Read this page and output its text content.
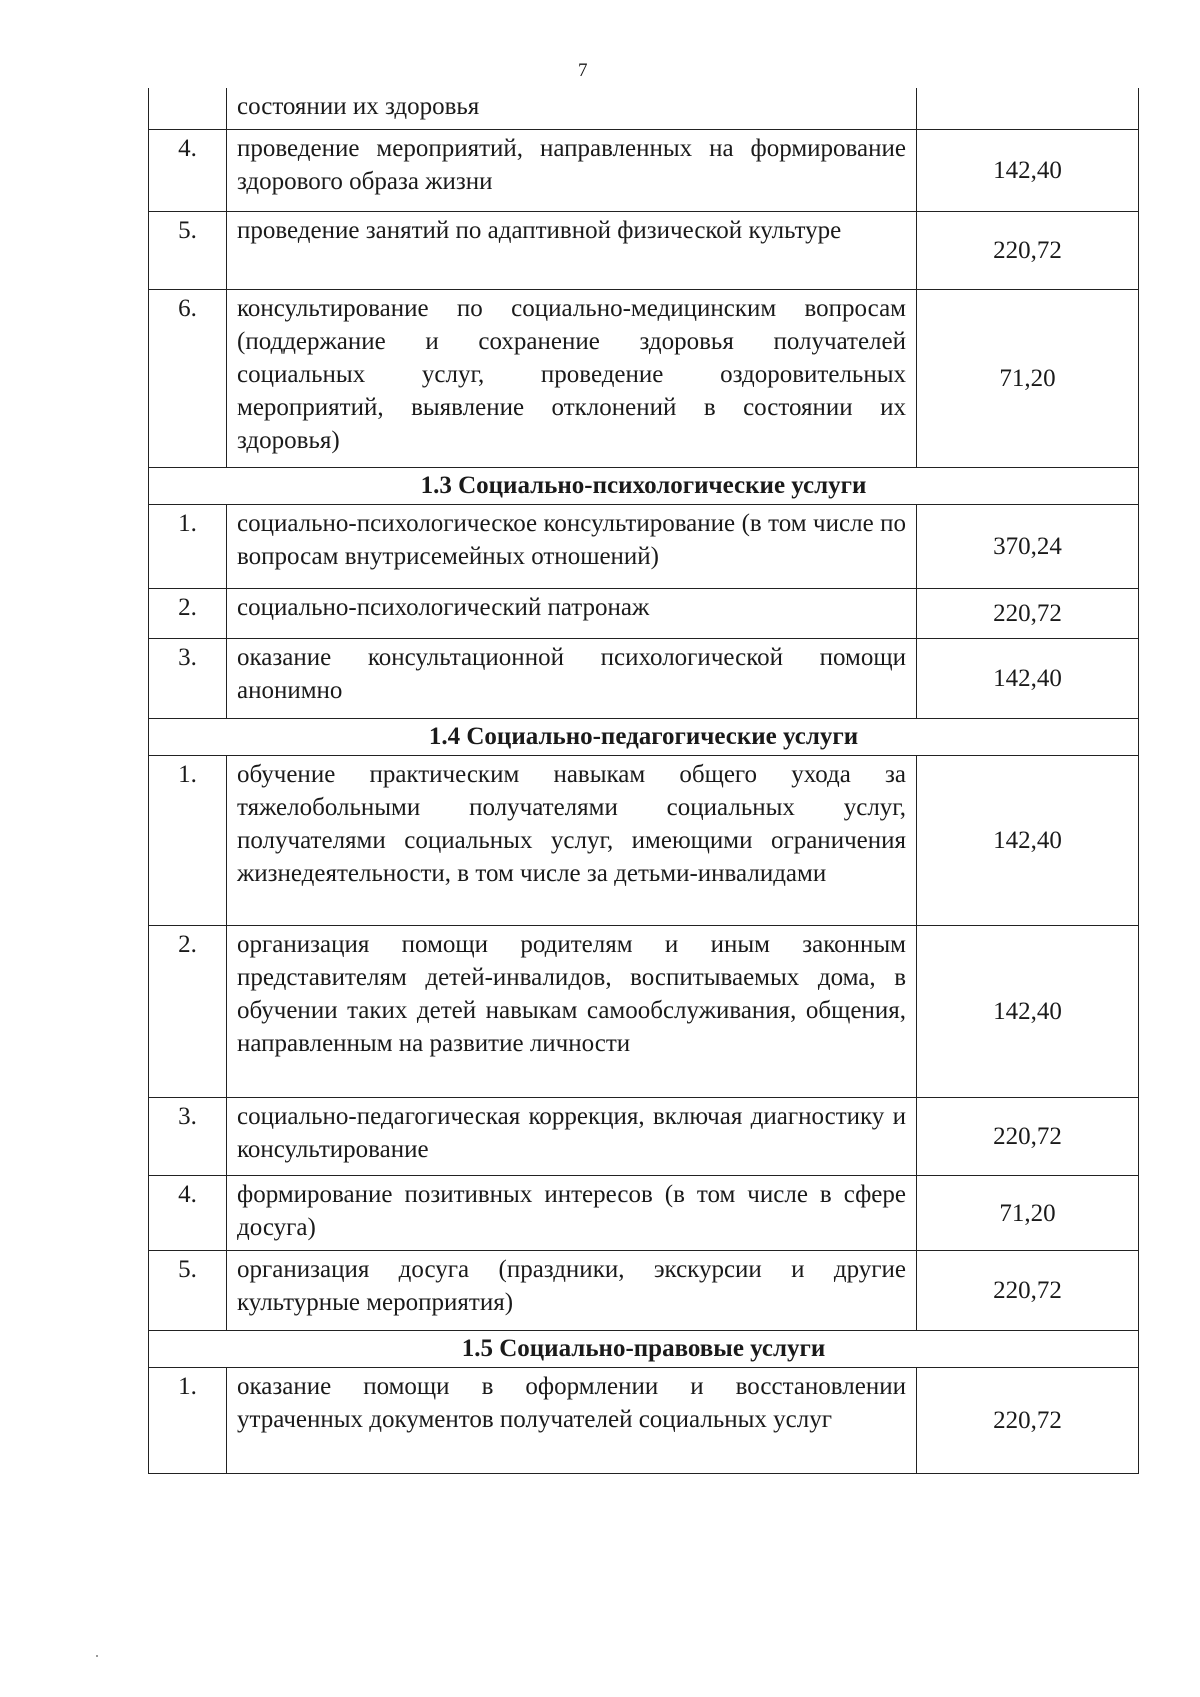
7
	состоянии их здоровья	
4.	проведение мероприятий, направленных на формирование здорового образа жизни	142,40
5.	проведение занятий по адаптивной физической культуре	220,72
6.	консультирование по социально-медицинским вопросам (поддержание и сохранение здоровья получателей социальных услуг, проведение оздоровительных мероприятий, выявление отклонений в состоянии их здоровья)	71,20
1.3 Социально-психологические услуги		
1.	социально-психологическое консультирование (в том числе по вопросам внутрисемейных отношений)	370,24
2.	социально-психологический патронаж	220,72
3.	оказание консультационной психологической помощи анонимно	142,40
1.4 Социально-педагогические услуги		
1.	обучение практическим навыкам общего ухода за тяжелобольными получателями социальных услуг, получателями социальных услуг, имеющими ограничения жизнедеятельности, в том числе за детьми-инвалидами	142,40
2.	организация помощи родителям и иным законным представителям детей-инвалидов, воспитываемых дома, в обучении таких детей навыкам самообслуживания, общения, направленным на развитие личности	142,40
3.	социально-педагогическая коррекция, включая диагностику и консультирование	220,72
4.	формирование позитивных интересов (в том числе в сфере досуга)	71,20
5.	организация досуга (праздники, экскурсии и другие культурные мероприятия)	220,72
1.5 Социально-правовые услуги		
1.	оказание помощи в оформлении и восстановлении утраченных документов получателей социальных услуг	220,72
